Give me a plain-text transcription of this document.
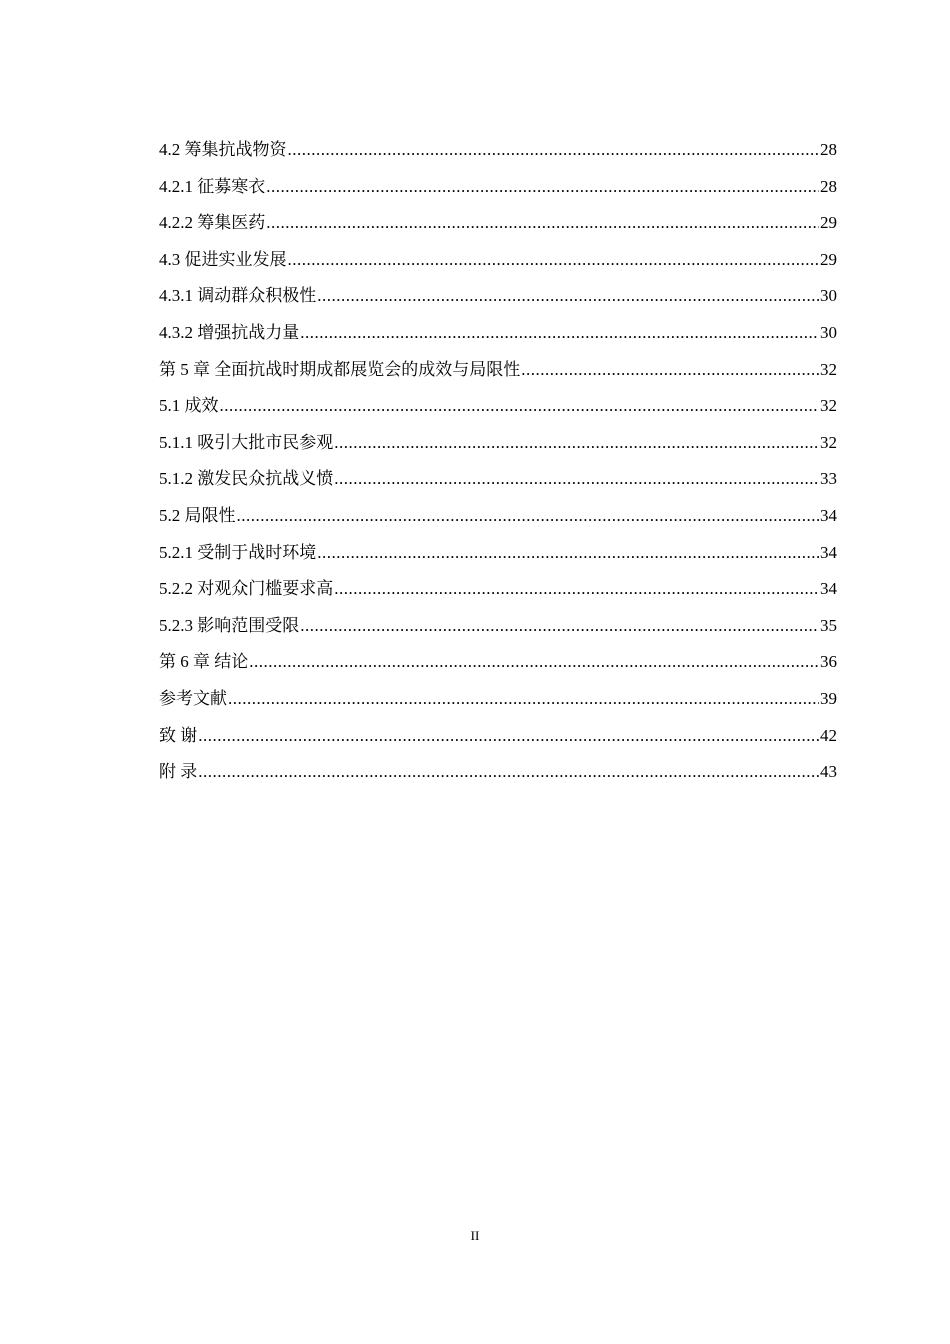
4.2 筹集抗战物资 .....	28
4.2.1 征募寒衣 .....	28
4.2.2 筹集医药 .....	29
4.3 促进实业发展 .....	29
4.3.1 调动群众积极性 .....	30
4.3.2 增强抗战力量 .....	30
第 5 章 全面抗战时期成都展览会的成效与局限性 .....	32
5.1 成效 .....	32
5.1.1 吸引大批市民参观 .....	32
5.1.2 激发民众抗战义愤 .....	33
5.2 局限性 .....	34
5.2.1 受制于战时环境 .....	34
5.2.2 对观众门槛要求高 .....	34
5.2.3 影响范围受限 .....	35
第 6 章 结论 .....	36
参考文献 .....	39
致 谢 .....	42
附 录 .....	43
II
